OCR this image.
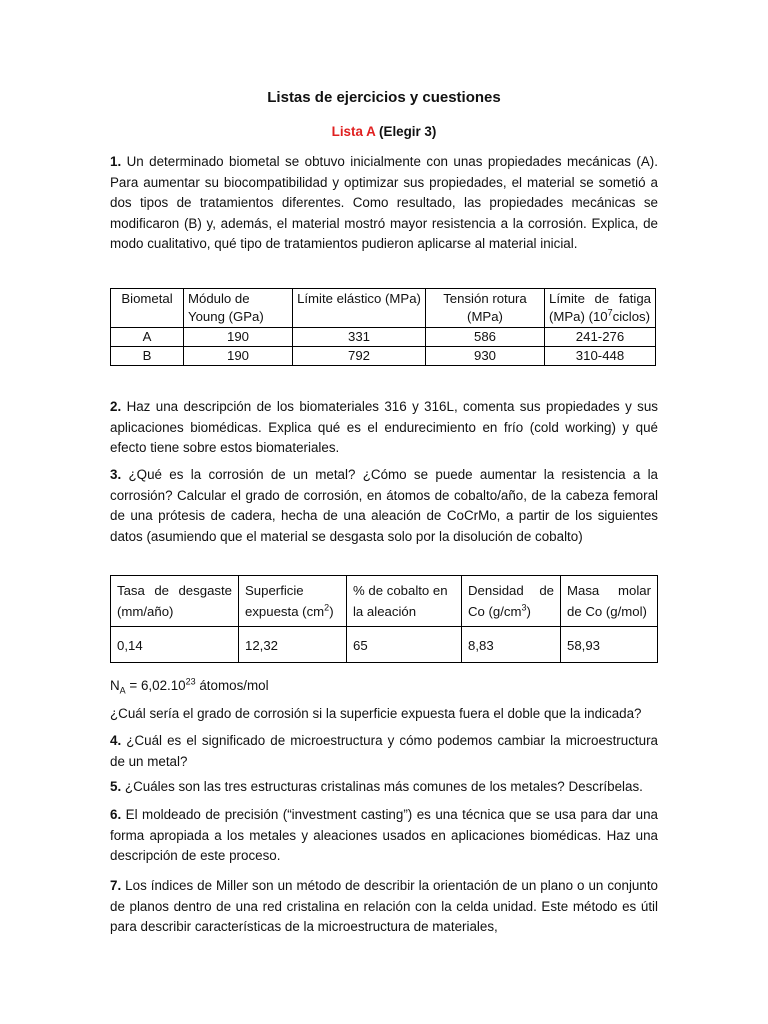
Listas de ejercicios y cuestiones
Lista A (Elegir 3)

1. Un determinado biometal se obtuvo inicialmente con unas propiedades mecánicas (A). Para aumentar su biocompatibilidad y optimizar sus propiedades, el material se sometió a dos tipos de tratamientos diferentes. Como resultado, las propiedades mecánicas se modificaron (B) y, además, el material mostró mayor resistencia a la corrosión. Explica, de modo cualitativo, qué tipo de tratamientos pudieron aplicarse al material inicial.

Biometal	Módulo de Young (GPa)	Límite elástico (MPa)	Tensión rotura (MPa)	Límite de fatiga (MPa) $(10^7ciclos)$
A	190	331	586	241-276
B	190	792	930	310-448

2. Haz una descripción de los biomateriales 316 y 316L, comenta sus propiedades y sus aplicaciones biomédicas. Explica qué es el endurecimiento en frío (cold working) y qué efecto tiene sobre estos biomateriales.

3. ¿Qué es la corrosión de un metal? ¿Cómo se puede aumentar la resistencia a la corrosión? Calcular el grado de corrosión, en átomos de cobalto/año, de la cabeza femoral de una prótesis de cadera, hecha de una aleación de CoCrMo, a partir de los siguientes datos (asumiendo que el material se desgasta solo por la disolución de cobalto)

Tasa de desgaste (mm/año)	Superficie expuesta $(cm^2)$	% de cobalto en la aleación	Densidad de Co $(g/cm^3)$	Masa molar de Co (g/mol)
0,14	12,32	65	8,83	58,93

$N_A = 6,02.10^{23}$ átomos/mol

¿Cuál sería el grado de corrosión si la superficie expuesta fuera el doble que la indicada?

4. ¿Cuál es el significado de microestructura y cómo podemos cambiar la microestructura de un metal?

5. ¿Cuáles son las tres estructuras cristalinas más comunes de los metales? Descríbelas.

6. El moldeado de precisión (“investment casting”) es una técnica que se usa para dar una forma apropiada a los metales y aleaciones usados en aplicaciones biomédicas. Haz una descripción de este proceso.

7. Los índices de Miller son un método de describir la orientación de un plano o un conjunto de planos dentro de una red cristalina en relación con la celda unidad. Este método es útil para describir características de la microestructura de materiales,
